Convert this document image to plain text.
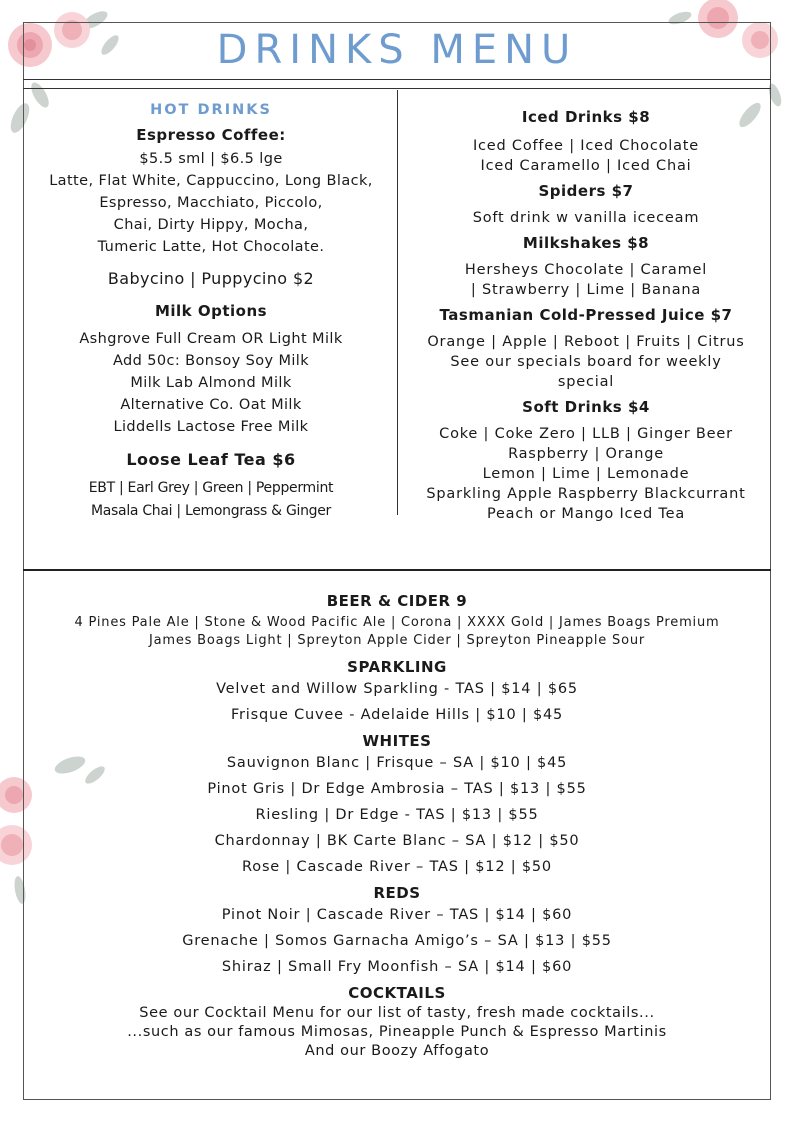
DRINKS MENU
HOT DRINKS
Espresso Coffee:
$5.5 sml | $6.5 lge
Latte, Flat White, Cappuccino, Long Black,
Espresso, Macchiato, Piccolo,
Chai, Dirty Hippy, Mocha,
Tumeric Latte, Hot Chocolate.
Babycino | Puppycino $2
Milk Options
Ashgrove Full Cream OR Light Milk
Add 50c: Bonsoy Soy Milk
Milk Lab Almond Milk
Alternative Co. Oat Milk
Liddells Lactose Free Milk
Loose Leaf Tea $6
EBT | Earl Grey | Green | Peppermint
Masala Chai | Lemongrass & Ginger
Iced Drinks $8
Iced Coffee | Iced Chocolate
Iced Caramello | Iced Chai
Spiders $7
Soft drink w vanilla iceceam
Milkshakes $8
Hersheys Chocolate | Caramel
| Strawberry | Lime | Banana
Tasmanian Cold-Pressed Juice $7
Orange | Apple | Reboot | Fruits | Citrus
See our specials board for weekly
special
Soft Drinks $4
Coke | Coke Zero | LLB | Ginger Beer
Raspberry | Orange
Lemon | Lime | Lemonade
Sparkling Apple Raspberry Blackcurrant
Peach or Mango Iced Tea
BEER & CIDER 9
4 Pines Pale Ale | Stone & Wood Pacific Ale | Corona | XXXX Gold | James Boags Premium
James Boags Light | Spreyton Apple Cider | Spreyton Pineapple Sour
SPARKLING
Velvet and Willow Sparkling - TAS | $14 | $65
Frisque Cuvee - Adelaide Hills | $10 | $45
WHITES
Sauvignon Blanc | Frisque – SA | $10 | $45
Pinot Gris | Dr Edge Ambrosia – TAS | $13 | $55
Riesling | Dr Edge - TAS | $13 | $55
Chardonnay | BK Carte Blanc – SA | $12 | $50
Rose | Cascade River – TAS | $12 | $50
REDS
Pinot Noir | Cascade River – TAS | $14 | $60
Grenache | Somos Garnacha Amigo’s – SA | $13 | $55
Shiraz | Small Fry Moonfish – SA | $14 | $60
COCKTAILS
See our Cocktail Menu for our list of tasty, fresh made cocktails...
...such as our famous Mimosas, Pineapple Punch & Espresso Martinis
And our Boozy Affogato
